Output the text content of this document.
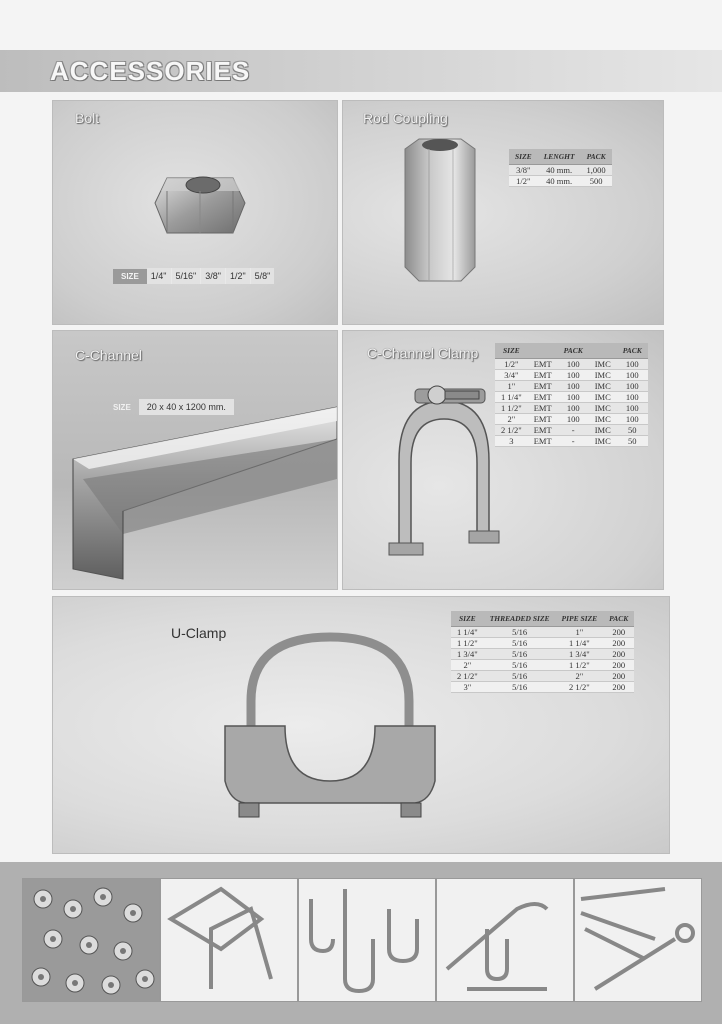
ACCESSORIES
Bolt
SIZE	1/4"	5/16"	3/8"	1/2"	5/8"
Rod Coupling
SIZE	LENGHT	PACK
3/8"	40 mm.	1,000
1/2"	40 mm.	500
C-Channel
SIZE	20 x 40 x 1200 mm.
C-Channel Clamp	SIZE		PACK		PACK
1/2"	EMT	100	IMC	100
3/4"	EMT	100	IMC	100
1"	EMT	100	IMC	100
1 1/4"	EMT	100	IMC	100
1 1/2"	EMT	100	IMC	100
2"	EMT	100	IMC	100
2 1/2"	EMT	-	IMC	50
3	EMT	-	IMC	50
U-Clamp
SIZE	THREADED SIZE	PIPE SIZE	PACK
1 1/4"	5/16	1"	200
1 1/2"	5/16	1 1/4"	200
1 3/4"	5/16	1 3/4"	200
2"	5/16	1 1/2"	200
2 1/2"	5/16	2"	200
3"	5/16	2 1/2"	200
